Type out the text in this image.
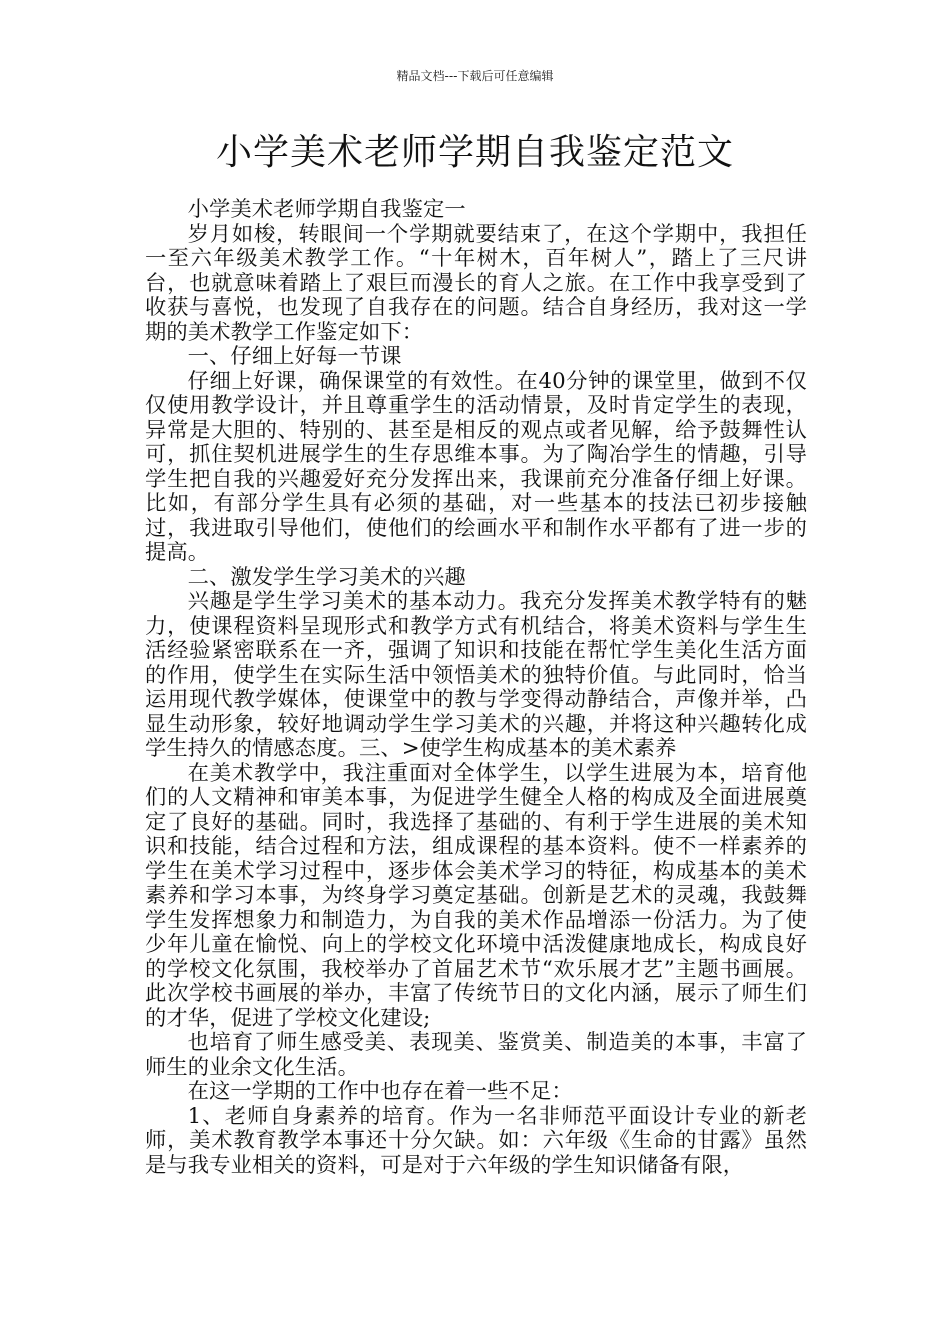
精品文档---下载后可任意编辑
小学美术老师学期自我鉴定范文

小学美术老师学期自我鉴定一

岁月如梭，转眼间一个学期就要结束了，在这个学期中，我担任一至六年级美术教学工作。“十年树木，百年树人”，踏上了三尺讲台，也就意味着踏上了艰巨而漫长的育人之旅。在工作中我享受到了收获与喜悦，也发现了自我存在的问题。结合自身经历，我对这一学期的美术教学工作鉴定如下：

一、仔细上好每一节课

仔细上好课，确保课堂的有效性。在40分钟的课堂里，做到不仅仅使用教学设计，并且尊重学生的活动情景，及时肯定学生的表现，异常是大胆的、特别的、甚至是相反的观点或者见解，给予鼓舞性认可，抓住契机进展学生的生存思维本事。为了陶冶学生的情趣，引导学生把自我的兴趣爱好充分发挥出来，我课前充分准备仔细上好课。比如，有部分学生具有必须的基础，对一些基本的技法已初步接触过，我进取引导他们，使他们的绘画水平和制作水平都有了进一步的提高。

二、激发学生学习美术的兴趣

兴趣是学生学习美术的基本动力。我充分发挥美术教学特有的魅力，使课程资料呈现形式和教学方式有机结合，将美术资料与学生生活经验紧密联系在一齐，强调了知识和技能在帮忙学生美化生活方面的作用，使学生在实际生活中领悟美术的独特价值。与此同时，恰当运用现代教学媒体，使课堂中的教与学变得动静结合，声像并举，凸显生动形象，较好地调动学生学习美术的兴趣，并将这种兴趣转化成学生持久的情感态度。三、>使学生构成基本的美术素养

在美术教学中，我注重面对全体学生，以学生进展为本，培育他们的人文精神和审美本事，为促进学生健全人格的构成及全面进展奠定了良好的基础。同时，我选择了基础的、有利于学生进展的美术知识和技能，结合过程和方法，组成课程的基本资料。使不一样素养的学生在美术学习过程中，逐步体会美术学习的特征，构成基本的美术素养和学习本事，为终身学习奠定基础。创新是艺术的灵魂，我鼓舞学生发挥想象力和制造力，为自我的美术作品增添一份活力。为了使少年儿童在愉悦、向上的学校文化环境中活泼健康地成长，构成良好的学校文化氛围，我校举办了首届艺术节“欢乐展才艺”主题书画展。此次学校书画展的举办，丰富了传统节日的文化内涵，展示了师生们的才华，促进了学校文化建设;

也培育了师生感受美、表现美、鉴赏美、制造美的本事，丰富了师生的业余文化生活。

在这一学期的工作中也存在着一些不足：

1、老师自身素养的培育。作为一名非师范平面设计专业的新老师，美术教育教学本事还十分欠缺。如：六年级《生命的甘露》虽然是与我专业相关的资料，可是对于六年级的学生知识储备有限，
